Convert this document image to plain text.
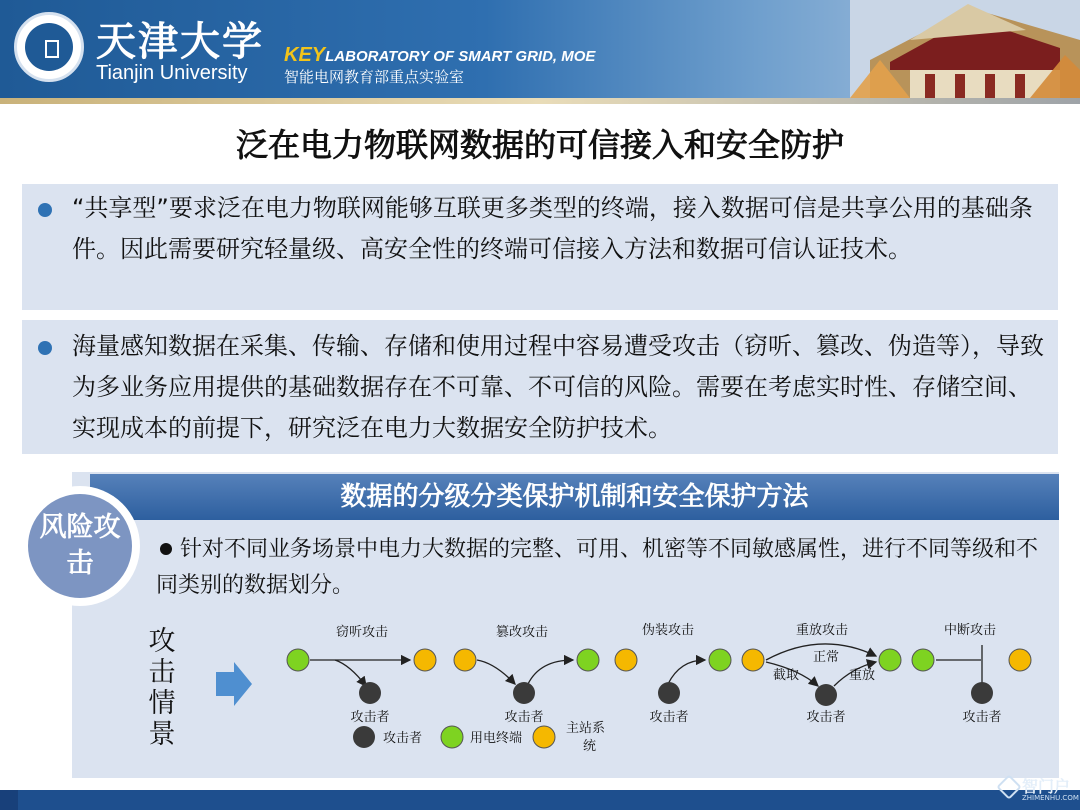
天津大学
Tianjin University
KEYLABORATORY OF SMART GRID, MOE
智能电网教育部重点实验室
泛在电力物联网数据的可信接入和安全防护
“共享型”要求泛在电力物联网能够互联更多类型的终端，接入数据可信是共享公用的基础条件。因此需要研究轻量级、高安全性的终端可信接入方法和数据可信认证技术。
海量感知数据在采集、传输、存储和使用过程中容易遭受攻击（窃听、篡改、伪造等），导致为多业务应用提供的基础数据存在不可靠、不可信的风险。需要在考虑实时性、存储空间、实现成本的前提下，研究泛在电力大数据安全防护技术。
数据的分级分类保护机制和安全保护方法
风险攻击	针对不同业务场景中电力大数据的完整、可用、机密等不同敏感属性，进行不同等级和不同类别的数据划分。
攻击情景
窃听攻击
攻击者
篡改攻击
攻击者
伪装攻击
攻击者
重放攻击
正常
截取	重放
攻击者
中断攻击
攻击者
攻击者	用电终端
主站系
统
智门户
ZHIMENHU.COM
